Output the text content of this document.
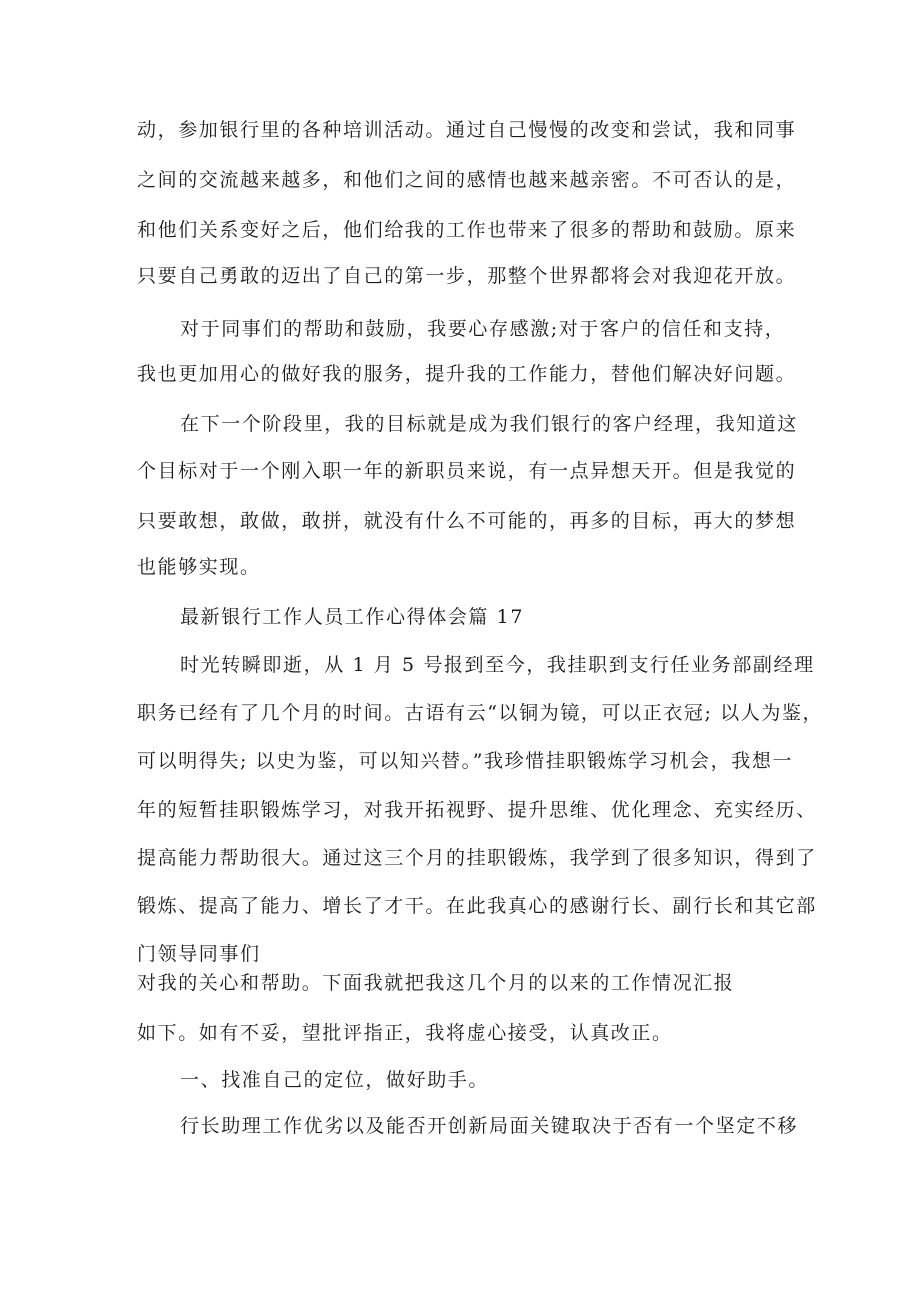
动，参加银行里的各种培训活动。通过自己慢慢的改变和尝试，我和同事
之间的交流越来越多，和他们之间的感情也越来越亲密。不可否认的是，
和他们关系变好之后，他们给我的工作也带来了很多的帮助和鼓励。原来
只要自己勇敢的迈出了自己的第一步，那整个世界都将会对我迎花开放。
对于同事们的帮助和鼓励，我要心存感激;对于客户的信任和支持，
我也更加用心的做好我的服务，提升我的工作能力，替他们解决好问题。
在下一个阶段里，我的目标就是成为我们银行的客户经理，我知道这
个目标对于一个刚入职一年的新职员来说，有一点异想天开。但是我觉的
只要敢想，敢做，敢拼，就没有什么不可能的，再多的目标，再大的梦想
也能够实现。
最新银行工作人员工作心得体会篇 17
时光转瞬即逝，从 1 月 5 号报到至今，我挂职到支行任业务部副经理
职务已经有了几个月的时间。古语有云“以铜为镜，可以正衣冠; 以人为鉴，
可以明得失; 以史为鉴，可以知兴替。”我珍惜挂职锻炼学习机会，我想一
年的短暂挂职锻炼学习，对我开拓视野、提升思维、优化理念、充实经历、
提高能力帮助很大。通过这三个月的挂职锻炼，我学到了很多知识，得到了
锻炼、提高了能力、增长了才干。在此我真心的感谢行长、副行长和其它部
门领导同事们
对我的关心和帮助。下面我就把我这几个月的以来的工作情况汇报
如下。如有不妥，望批评指正，我将虚心接受，认真改正。
一、找准自己的定位，做好助手。
行长助理工作优劣以及能否开创新局面关键取决于否有一个坚定不移
